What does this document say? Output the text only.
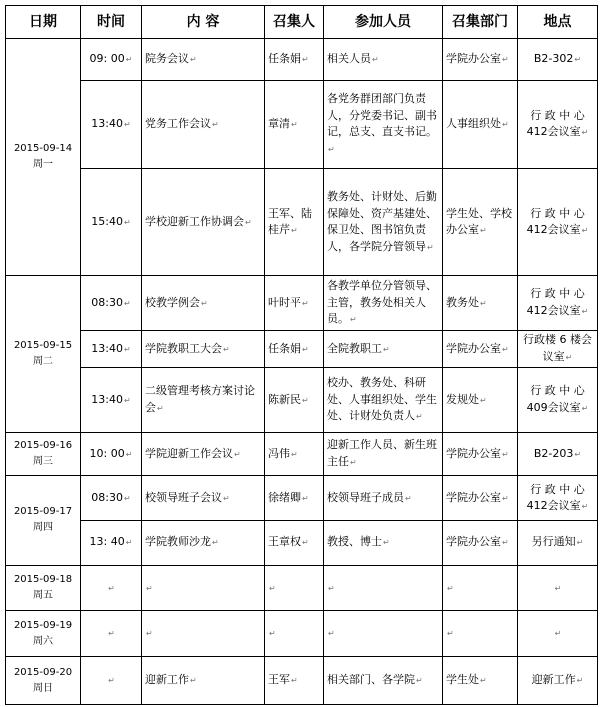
日期	时间	内 容	召集人	参加人员	召集部门	地点

2015-09-14
周一	09: 00↵	院务会议↵	任条娟↵	相关人员↵	学院办公室↵	B2-302↵
	13:40↵	党务工作会议↵	章清↵	各党务群团部门负责人，分党委书记、副书记，总支、直支书记。↵	人事组织处↵	行 政 中 心 412会议室↵
	15:40↵	学校迎新工作协调会↵	王军、陆桂芹↵	教务处、计财处、后勤保障处、资产基建处、保卫处、图书馆负责人，各学院分管领导↵	学生处、学校办公室↵	行 政 中 心 412会议室↵

2015-09-15
周二	08:30↵	校教学例会↵	叶时平↵	各教学单位分管领导、主管，教务处相关人员。↵	教务处↵	行 政 中 心 412会议室↵
	13:40↵	学院教职工大会↵	任条娟↵	全院教职工↵	学院办公室↵	行政楼 6 楼会议室↵
	13:40↵	二级管理考核方案讨论会↵	陈新民↵	校办、教务处、科研处、人事组织处、学生处、计财处负责人↵	发规处↵	行 政 中 心 409会议室↵

2015-09-16
周三	10: 00↵	学院迎新工作会议↵	冯伟↵	迎新工作人员、新生班主任↵	学院办公室↵	B2-203↵

2015-09-17
周四	08:30↵	校领导班子会议↵	徐绪卿↵	校领导班子成员↵	学院办公室↵	行 政 中 心 412会议室↵
	13: 40↵	学院教师沙龙↵	王章权↵	教授、博士↵	学院办公室↵	另行通知↵

2015-09-18
周五	↵	↵	↵	↵	↵	↵

2015-09-19
周六	↵	↵	↵	↵	↵	↵

2015-09-20
周日	↵	迎新工作↵	王军↵	相关部门、各学院↵	学生处↵	迎新工作↵
